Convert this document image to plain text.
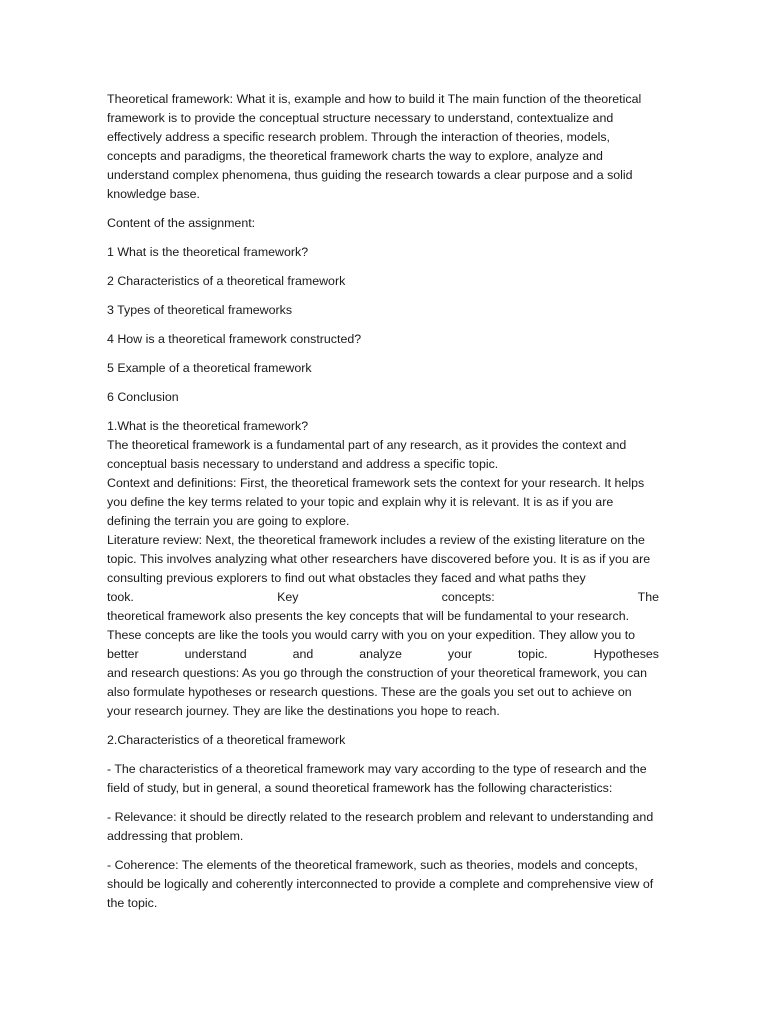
Theoretical framework: What it is, example and how to build it The main function of the theoretical framework is to provide the conceptual structure necessary to understand, contextualize and effectively address a specific research problem. Through the interaction of theories, models, concepts and paradigms, the theoretical framework charts the way to explore, analyze and understand complex phenomena, thus guiding the research towards a clear purpose and a solid knowledge base.

Content of the assignment:

1 What is the theoretical framework?

2 Characteristics of a theoretical framework

3 Types of theoretical frameworks

4 How is a theoretical framework constructed?

5 Example of a theoretical framework

6 Conclusion

1.What is the theoretical framework?
The theoretical framework is a fundamental part of any research, as it provides the context and conceptual basis necessary to understand and address a specific topic.
Context and definitions: First, the theoretical framework sets the context for your research. It helps you define the key terms related to your topic and explain why it is relevant. It is as if you are defining the terrain you are going to explore.
Literature review: Next, the theoretical framework includes a review of the existing literature on the topic. This involves analyzing what other researchers have discovered before you. It is as if you are consulting previous explorers to find out what obstacles they faced and what paths they
took.	Key concepts: The
theoretical framework also presents the key concepts that will be fundamental to your research. These concepts are like the tools you would carry with you on your expedition. They allow you to
better understand and analyze your topic.	Hypotheses
and research questions: As you go through the construction of your theoretical framework, you can also formulate hypotheses or research questions. These are the goals you set out to achieve on your research journey. They are like the destinations you hope to reach.

2.Characteristics of a theoretical framework

- The characteristics of a theoretical framework may vary according to the type of research and the field of study, but in general, a sound theoretical framework has the following characteristics:

- Relevance: it should be directly related to the research problem and relevant to understanding and addressing that problem.

- Coherence: The elements of the theoretical framework, such as theories, models and concepts, should be logically and coherently interconnected to provide a complete and comprehensive view of the topic.
